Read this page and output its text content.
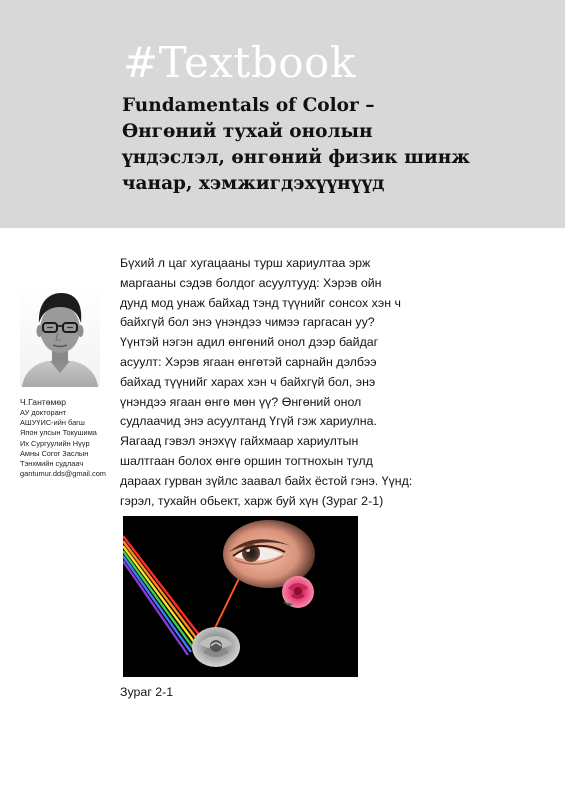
#Textbook
Fundamentals of Color –
Өнгөний тухай онолын
үндэслэл, өнгөний физик шинж
чанар, хэмжигдэхүүнүүд
Ч.Гантөмөр
АУ докторант
АШУҮИС-ийн багш
Япон улсын Токушима
Их Сургуулийн Нүүр
Амны Согог Заслын
Тэнхмийн судлаач
gantumur.dds@gmail.com
Бүхий л цаг хугацааны турш хариултаа эрж
маргааны сэдэв болдог асуултууд: Хэрэв ойн
дунд мод унаж байхад тэнд түүнийг сонсох хэн ч
байхгүй бол энэ үнэндээ чимээ гаргасан уу?
Үүнтэй нэгэн адил өнгөний онол дээр байдаг
асуулт: Хэрэв ягаан өнгөтэй сарнайн дэлбээ
байхад түүнийг харах хэн ч байхгүй бол, энэ
үнэндээ ягаан өнгө мөн үү? Өнгөний онол
судлаачид энэ асуултанд Үгүй гэж хариулна.
Яагаад гэвэл энэхүү гайхмаар хариултын
шалтгаан болох өнгө оршин тогтнохын тулд
дараах гурван зүйлс заавал байх ёстой гэнэ. Үүнд:
гэрэл, тухайн обьект, харж буй хүн (Зураг 2-1)
Зураг 2-1
